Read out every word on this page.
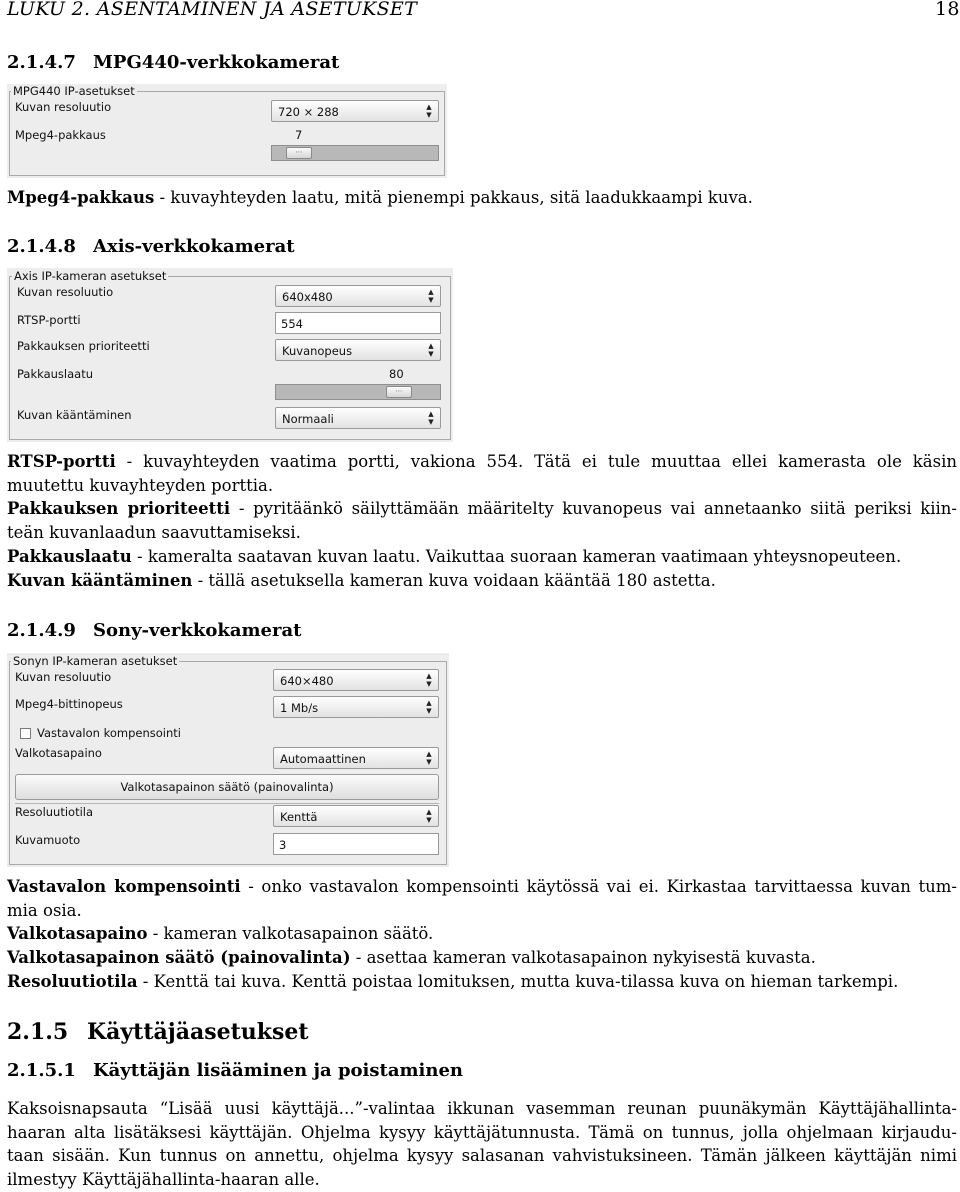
LUKU 2. ASENTAMINEN JA ASETUKSET	18
2.1.4.7 MPG440-verkkokamerat
MPG440 IP-asetukset
Kuvan resoluutio	720 × 288	▲
▼
Mpeg4-pakkaus	7
⋯
Mpeg4-pakkaus - kuvayhteyden laatu, mitä pienempi pakkaus, sitä laadukkaampi kuva.
2.1.4.8 Axis-verkkokamerat
Axis IP-kameran asetukset
Kuvan resoluutio	640x480	▲
▼
RTSP-portti	554
Pakkauksen prioriteetti	Kuvanopeus	▲
▼
Pakkauslaatu	80
⋯
Kuvan kääntäminen	Normaali	▲
▼
RTSP-portti - kuvayhteyden vaatima portti, vakiona 554. Tätä ei tule muuttaa ellei kamerasta ole käsin
muutettu kuvayhteyden porttia.
Pakkauksen prioriteetti - pyritäänkö säilyttämään määritelty kuvanopeus vai annetaanko siitä periksi kiin-
teän kuvanlaadun saavuttamiseksi.
Pakkauslaatu - kameralta saatavan kuvan laatu. Vaikuttaa suoraan kameran vaatimaan yhteysnopeuteen.
Kuvan kääntäminen - tällä asetuksella kameran kuva voidaan kääntää 180 astetta.
2.1.4.9 Sony-verkkokamerat
Sonyn IP-kameran asetukset
Kuvan resoluutio	640×480	▲
▼
Mpeg4-bittinopeus	1 Mb/s	▲
▼
Vastavalon kompensointi
Valkotasapaino	Automaattinen	▲
▼
Valkotasapainon säätö (painovalinta)
Resoluutiotila	Kenttä	▲
▼
Kuvamuoto	3
Vastavalon kompensointi - onko vastavalon kompensointi käytössä vai ei. Kirkastaa tarvittaessa kuvan tum-
mia osia.
Valkotasapaino - kameran valkotasapainon säätö.
Valkotasapainon säätö (painovalinta) - asettaa kameran valkotasapainon nykyisestä kuvasta.
Resoluutiotila - Kenttä tai kuva. Kenttä poistaa lomituksen, mutta kuva-tilassa kuva on hieman tarkempi.
2.1.5 Käyttäjäasetukset
2.1.5.1 Käyttäjän lisääminen ja poistaminen
Kaksoisnapsauta “Lisää uusi käyttäjä...”-valintaa ikkunan vasemman reunan puunäkymän Käyttäjähallinta-
haaran alta lisätäksesi käyttäjän. Ohjelma kysyy käyttäjätunnusta. Tämä on tunnus, jolla ohjelmaan kirjaudu-
taan sisään. Kun tunnus on annettu, ohjelma kysyy salasanan vahvistuksineen. Tämän jälkeen käyttäjän nimi
ilmestyy Käyttäjähallinta-haaran alle.
